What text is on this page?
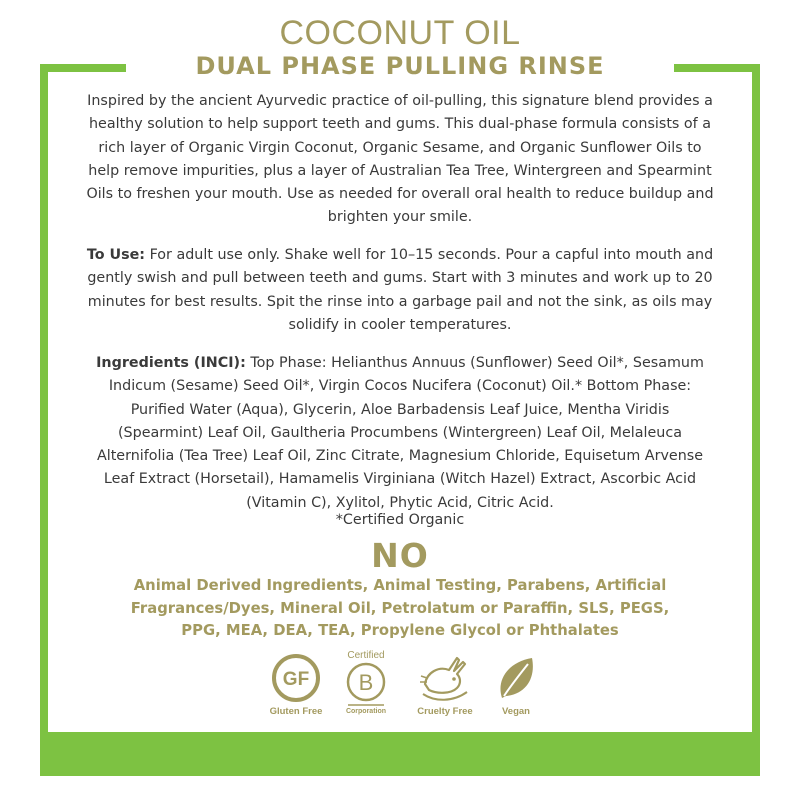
COCONUT OIL
DUAL PHASE PULLING RINSE

Inspired by the ancient Ayurvedic practice of oil-pulling, this signature blend provides a healthy solution to help support teeth and gums. This dual-phase formula consists of a rich layer of Organic Virgin Coconut, Organic Sesame, and Organic Sunflower Oils to help remove impurities, plus a layer of Australian Tea Tree, Wintergreen and Spearmint Oils to freshen your mouth. Use as needed for overall oral health to reduce buildup and brighten your smile.

To Use: For adult use only. Shake well for 10–15 seconds. Pour a capful into mouth and gently swish and pull between teeth and gums. Start with 3 minutes and work up to 20 minutes for best results. Spit the rinse into a garbage pail and not the sink, as oils may solidify in cooler temperatures.

Ingredients (INCI): Top Phase: Helianthus Annuus (Sunflower) Seed Oil*, Sesamum Indicum (Sesame) Seed Oil*, Virgin Cocos Nucifera (Coconut) Oil.* Bottom Phase: Purified Water (Aqua), Glycerin, Aloe Barbadensis Leaf Juice, Mentha Viridis (Spearmint) Leaf Oil, Gaultheria Procumbens (Wintergreen) Leaf Oil, Melaleuca Alternifolia (Tea Tree) Leaf Oil, Zinc Citrate, Magnesium Chloride, Equisetum Arvense Leaf Extract (Horsetail), Hamamelis Virginiana (Witch Hazel) Extract, Ascorbic Acid (Vitamin C), Xylitol, Phytic Acid, Citric Acid.

*Certified Organic
NO

Animal Derived Ingredients, Animal Testing, Parabens, Artificial Fragrances/Dyes, Mineral Oil, Petrolatum or Paraffin, SLS, PEGS, PPG, MEA, DEA, TEA, Propylene Glycol or Phthalates

GF
Gluten Free
Certified
B
Corporation	Cruelty Free	Vegan
